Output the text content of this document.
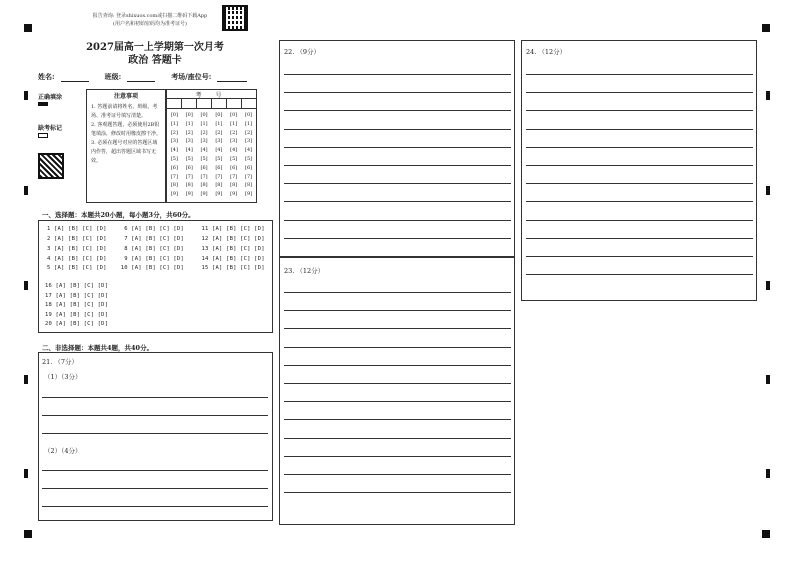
报告查询: 登录shixuos.com或扫描二维码下载App
(用户名和初始密码均为准考证号)
2027届高一上学期第一次月考
政治 答题卡
姓名:	班级:	考场/座位号:
正确填涂
缺考标记
注意事项
1. 答题前请将姓名、班级、考场、准考证号填写清楚。
2. 客观题答题，必须使用2B铅笔填涂，修改时用橡皮擦干净。
3. 必须在题号对应的答题区域内作答，超出答题区域书写无效。
考 号
[0]
[1]
[2]
[3]
[4]
[5]
[6]
[7]
[8]
[9]
[0]
[1]
[2]
[3]
[4]
[5]
[6]
[7]
[8]
[9]
[0]
[1]
[2]
[3]
[4]
[5]
[6]
[7]
[8]
[9]
[0]
[1]
[2]
[3]
[4]
[5]
[6]
[7]
[8]
[9]
[0]
[1]
[2]
[3]
[4]
[5]
[6]
[7]
[8]
[9]
[0]
[1]
[2]
[3]
[4]
[5]
[6]
[7]
[8]
[9]
一、选择题：本题共20小题，每小题3分，共60分。
1 [A] [B] [C] [D]     6 [A] [B] [C] [D]     11 [A] [B] [C] [D]
2 [A] [B] [C] [D]     7 [A] [B] [C] [D]     12 [A] [B] [C] [D]
3 [A] [B] [C] [D]     8 [A] [B] [C] [D]     13 [A] [B] [C] [D]
4 [A] [B] [C] [D]     9 [A] [B] [C] [D]     14 [A] [B] [C] [D]
5 [A] [B] [C] [D]    10 [A] [B] [C] [D]     15 [A] [B] [C] [D]
16 [A] [B] [C] [D]
17 [A] [B] [C] [D]
18 [A] [B] [C] [D]
19 [A] [B] [C] [D]
20 [A] [B] [C] [D]
二、非选择题：本题共4题，共40分。
21. （7分）
（1）（3分）
（2）（4分）
22. （9分）
23. （12分）
24. （12分）
